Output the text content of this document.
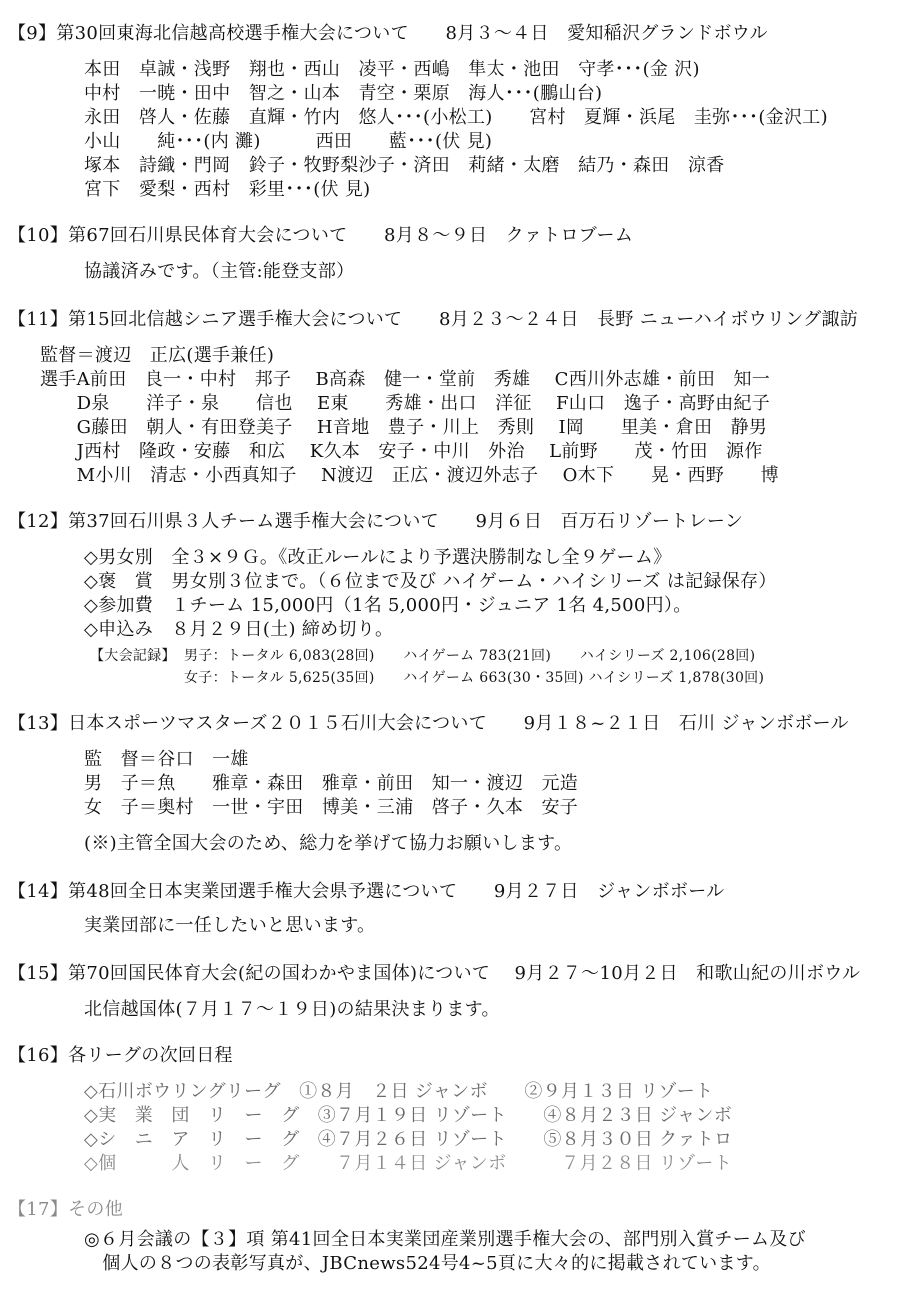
【9】第30回東海北信越高校選手権大会について　　8月３～４日　愛知稲沢グランドボウル
本田　卓誠・浅野　翔也・西山　凌平・西嶋　隼太・池田　守孝･･･(金 沢)
中村　一暁・田中　智之・山本　青空・栗原　海人･･･(鵬山台)
永田　啓人・佐藤　直輝・竹内　悠人･･･(小松工)　　宮村　夏輝・浜尾　圭弥･･･(金沢工)
小山　　純･･･(内 灘)　　　西田　　藍･･･(伏 見)
塚本　詩織・門岡　鈴子・牧野梨沙子・済田　莉緒・太磨　結乃・森田　涼香
宮下　愛梨・西村　彩里･･･(伏 見)
【10】第67回石川県民体育大会について　　8月８～９日　クァトロブーム
協議済みです。（主管:能登支部）
【11】第15回北信越シニア選手権大会について　　8月２３～２４日　長野 ニューハイボウリング諏訪
監督＝渡辺　正広(選手兼任)
選手A前田　良一・中村　邦子　 B高森　健一・堂前　秀雄　 C西川外志雄・前田　知一
　　D泉　　洋子・泉　　信也　 E東　　秀雄・出口　洋征　 F山口　逸子・高野由紀子
　　G藤田　朝人・有田登美子　 H音地　豊子・川上　秀則　 I岡　　里美・倉田　静男
　　J西村　隆政・安藤　和広　 K久本　安子・中川　外治　 L前野　　茂・竹田　源作
　　M小川　清志・小西真知子　 N渡辺　正広・渡辺外志子　 O木下　　晃・西野　　博
【12】第37回石川県３人チーム選手権大会について　　9月６日　百万石リゾートレーン
◇男女別　全３×９Ｇ。《改正ルールにより予選決勝制なし全９ゲーム》
◇褒　賞　男女別３位まで。（６位まで及び ハイゲーム・ハイシリーズ は記録保存）
◇参加費　１チーム 15,000円（1名 5,000円・ジュニア 1名 4,500円）。
◇申込み　８月２９日(土) 締め切り。
【大会記録】 男子：トータル 6,083(28回)　　ハイゲーム 783(21回)　　ハイシリーズ 2,106(28回)
女子：トータル 5,625(35回)　　ハイゲーム 663(30・35回) ハイシリーズ 1,878(30回)
【13】日本スポーツマスターズ２０１５石川大会について　　9月１８~２１日　石川 ジャンボボール
監　督＝谷口　一雄
男　子＝魚　　雅章・森田　雅章・前田　知一・渡辺　元造
女　子＝奥村　一世・宇田　博美・三浦　啓子・久本　安子
(※)主管全国大会のため、総力を挙げて協力お願いします。
【14】第48回全日本実業団選手権大会県予選について　　9月２７日　ジャンボボール
実業団部に一任したいと思います。
【15】第70回国民体育大会(紀の国わかやま国体)について　 9月２７～10月２日　和歌山紀の川ボウル
北信越国体(７月１７～１９日)の結果決まります。
【16】各リーグの次回日程
◇石川ボウリングリーグ　①８月　２日 ジャンボ　　②９月１３日 リゾート
◇実　業　団　リ　ー　グ　③７月１９日 リゾート　　④８月２３日 ジャンボ
◇シ　ニ　ア　リ　ー　グ　④７月２６日 リゾート　　⑤８月３０日 クァトロ
◇個　　　人　リ　ー　グ　　７月１４日 ジャンボ　　　７月２８日 リゾート
【17】その他
◎６月会議の【３】項 第41回全日本実業団産業別選手権大会の、部門別入賞チーム及び
　個人の８つの表彰写真が、JBCnews524号4~5頁に大々的に掲載されています。
